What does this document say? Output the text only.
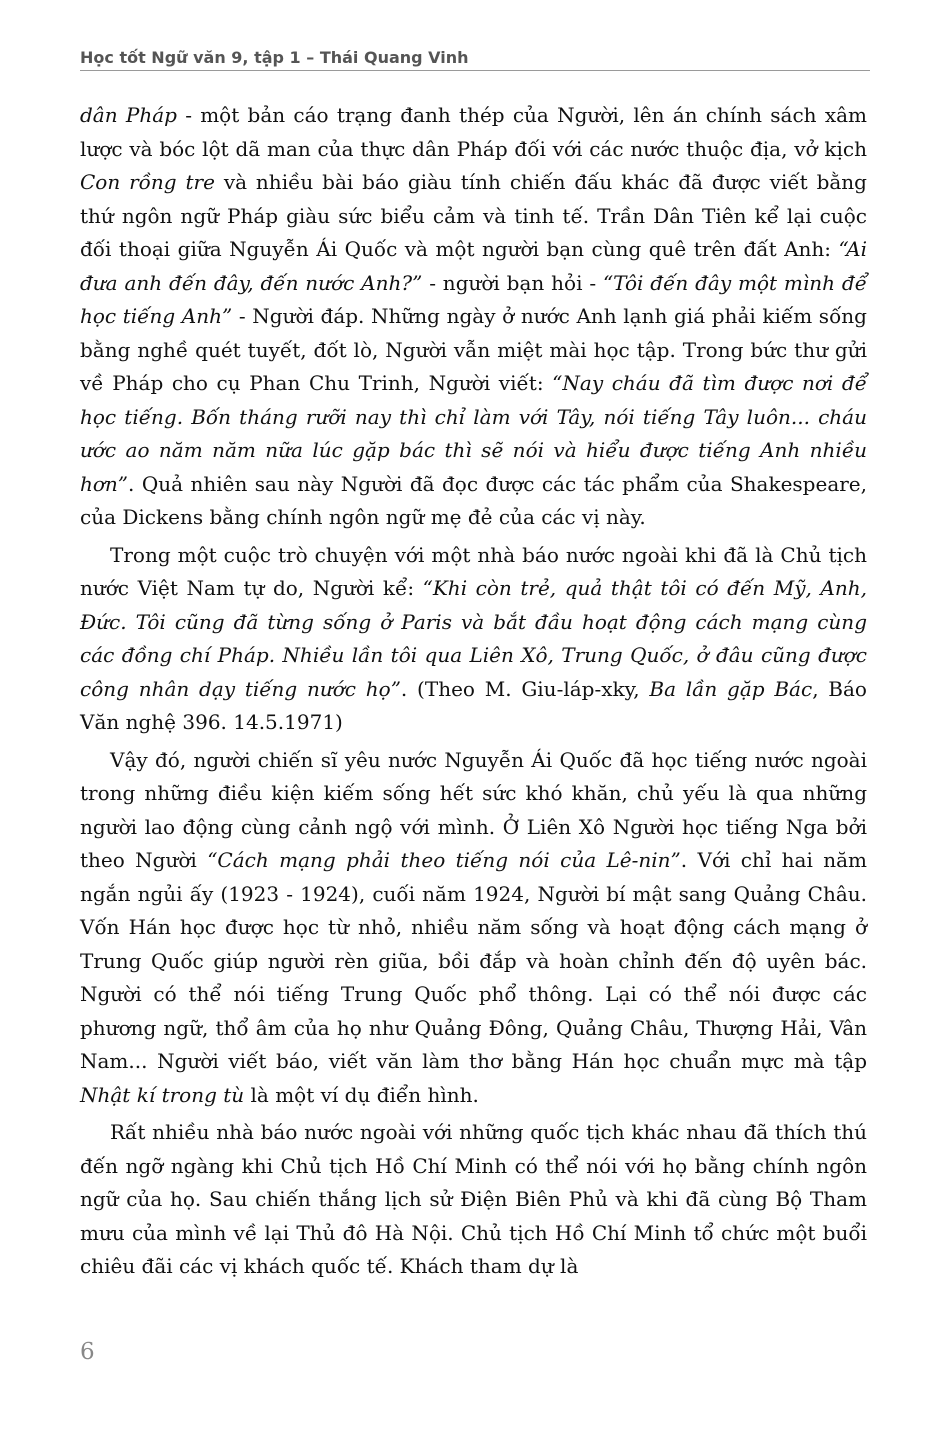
Học tốt Ngữ văn 9, tập 1 – Thái Quang Vinh

dân Pháp - một bản cáo trạng đanh thép của Người, lên án chính sách xâm lược và bóc lột dã man của thực dân Pháp đối với các nước thuộc địa, vở kịch Con rồng tre và nhiều bài báo giàu tính chiến đấu khác đã được viết bằng thứ ngôn ngữ Pháp giàu sức biểu cảm và tinh tế. Trần Dân Tiên kể lại cuộc đối thoại giữa Nguyễn Ái Quốc và một người bạn cùng quê trên đất Anh: “Ai đưa anh đến đây, đến nước Anh?” - người bạn hỏi - “Tôi đến đây một mình để học tiếng Anh” - Người đáp. Những ngày ở nước Anh lạnh giá phải kiếm sống bằng nghề quét tuyết, đốt lò, Người vẫn miệt mài học tập. Trong bức thư gửi về Pháp cho cụ Phan Chu Trinh, Người viết: “Nay cháu đã tìm được nơi để học tiếng. Bốn tháng rưỡi nay thì chỉ làm với Tây, nói tiếng Tây luôn... cháu ước ao năm năm nữa lúc gặp bác thì sẽ nói và hiểu được tiếng Anh nhiều hơn”. Quả nhiên sau này Người đã đọc được các tác phẩm của Shakespeare, của Dickens bằng chính ngôn ngữ mẹ đẻ của các vị này.

Trong một cuộc trò chuyện với một nhà báo nước ngoài khi đã là Chủ tịch nước Việt Nam tự do, Người kể: “Khi còn trẻ, quả thật tôi có đến Mỹ, Anh, Đức. Tôi cũng đã từng sống ở Paris và bắt đầu hoạt động cách mạng cùng các đồng chí Pháp. Nhiều lần tôi qua Liên Xô, Trung Quốc, ở đâu cũng được công nhân dạy tiếng nước họ”. (Theo M. Giu-láp-xky, Ba lần gặp Bác, Báo Văn nghệ 396. 14.5.1971)

Vậy đó, người chiến sĩ yêu nước Nguyễn Ái Quốc đã học tiếng nước ngoài trong những điều kiện kiếm sống hết sức khó khăn, chủ yếu là qua những người lao động cùng cảnh ngộ với mình. Ở Liên Xô Người học tiếng Nga bởi theo Người “Cách mạng phải theo tiếng nói của Lê-nin”. Với chỉ hai năm ngắn ngủi ấy (1923 - 1924), cuối năm 1924, Người bí mật sang Quảng Châu. Vốn Hán học được học từ nhỏ, nhiều năm sống và hoạt động cách mạng ở Trung Quốc giúp người rèn giũa, bồi đắp và hoàn chỉnh đến độ uyên bác. Người có thể nói tiếng Trung Quốc phổ thông. Lại có thể nói được các phương ngữ, thổ âm của họ như Quảng Đông, Quảng Châu, Thượng Hải, Vân Nam... Người viết báo, viết văn làm thơ bằng Hán học chuẩn mực mà tập Nhật kí trong tù là một ví dụ điển hình.

Rất nhiều nhà báo nước ngoài với những quốc tịch khác nhau đã thích thú đến ngỡ ngàng khi Chủ tịch Hồ Chí Minh có thể nói với họ bằng chính ngôn ngữ của họ. Sau chiến thắng lịch sử Điện Biên Phủ và khi đã cùng Bộ Tham mưu của mình về lại Thủ đô Hà Nội. Chủ tịch Hồ Chí Minh tổ chức một buổi chiêu đãi các vị khách quốc tế. Khách tham dự là

6
